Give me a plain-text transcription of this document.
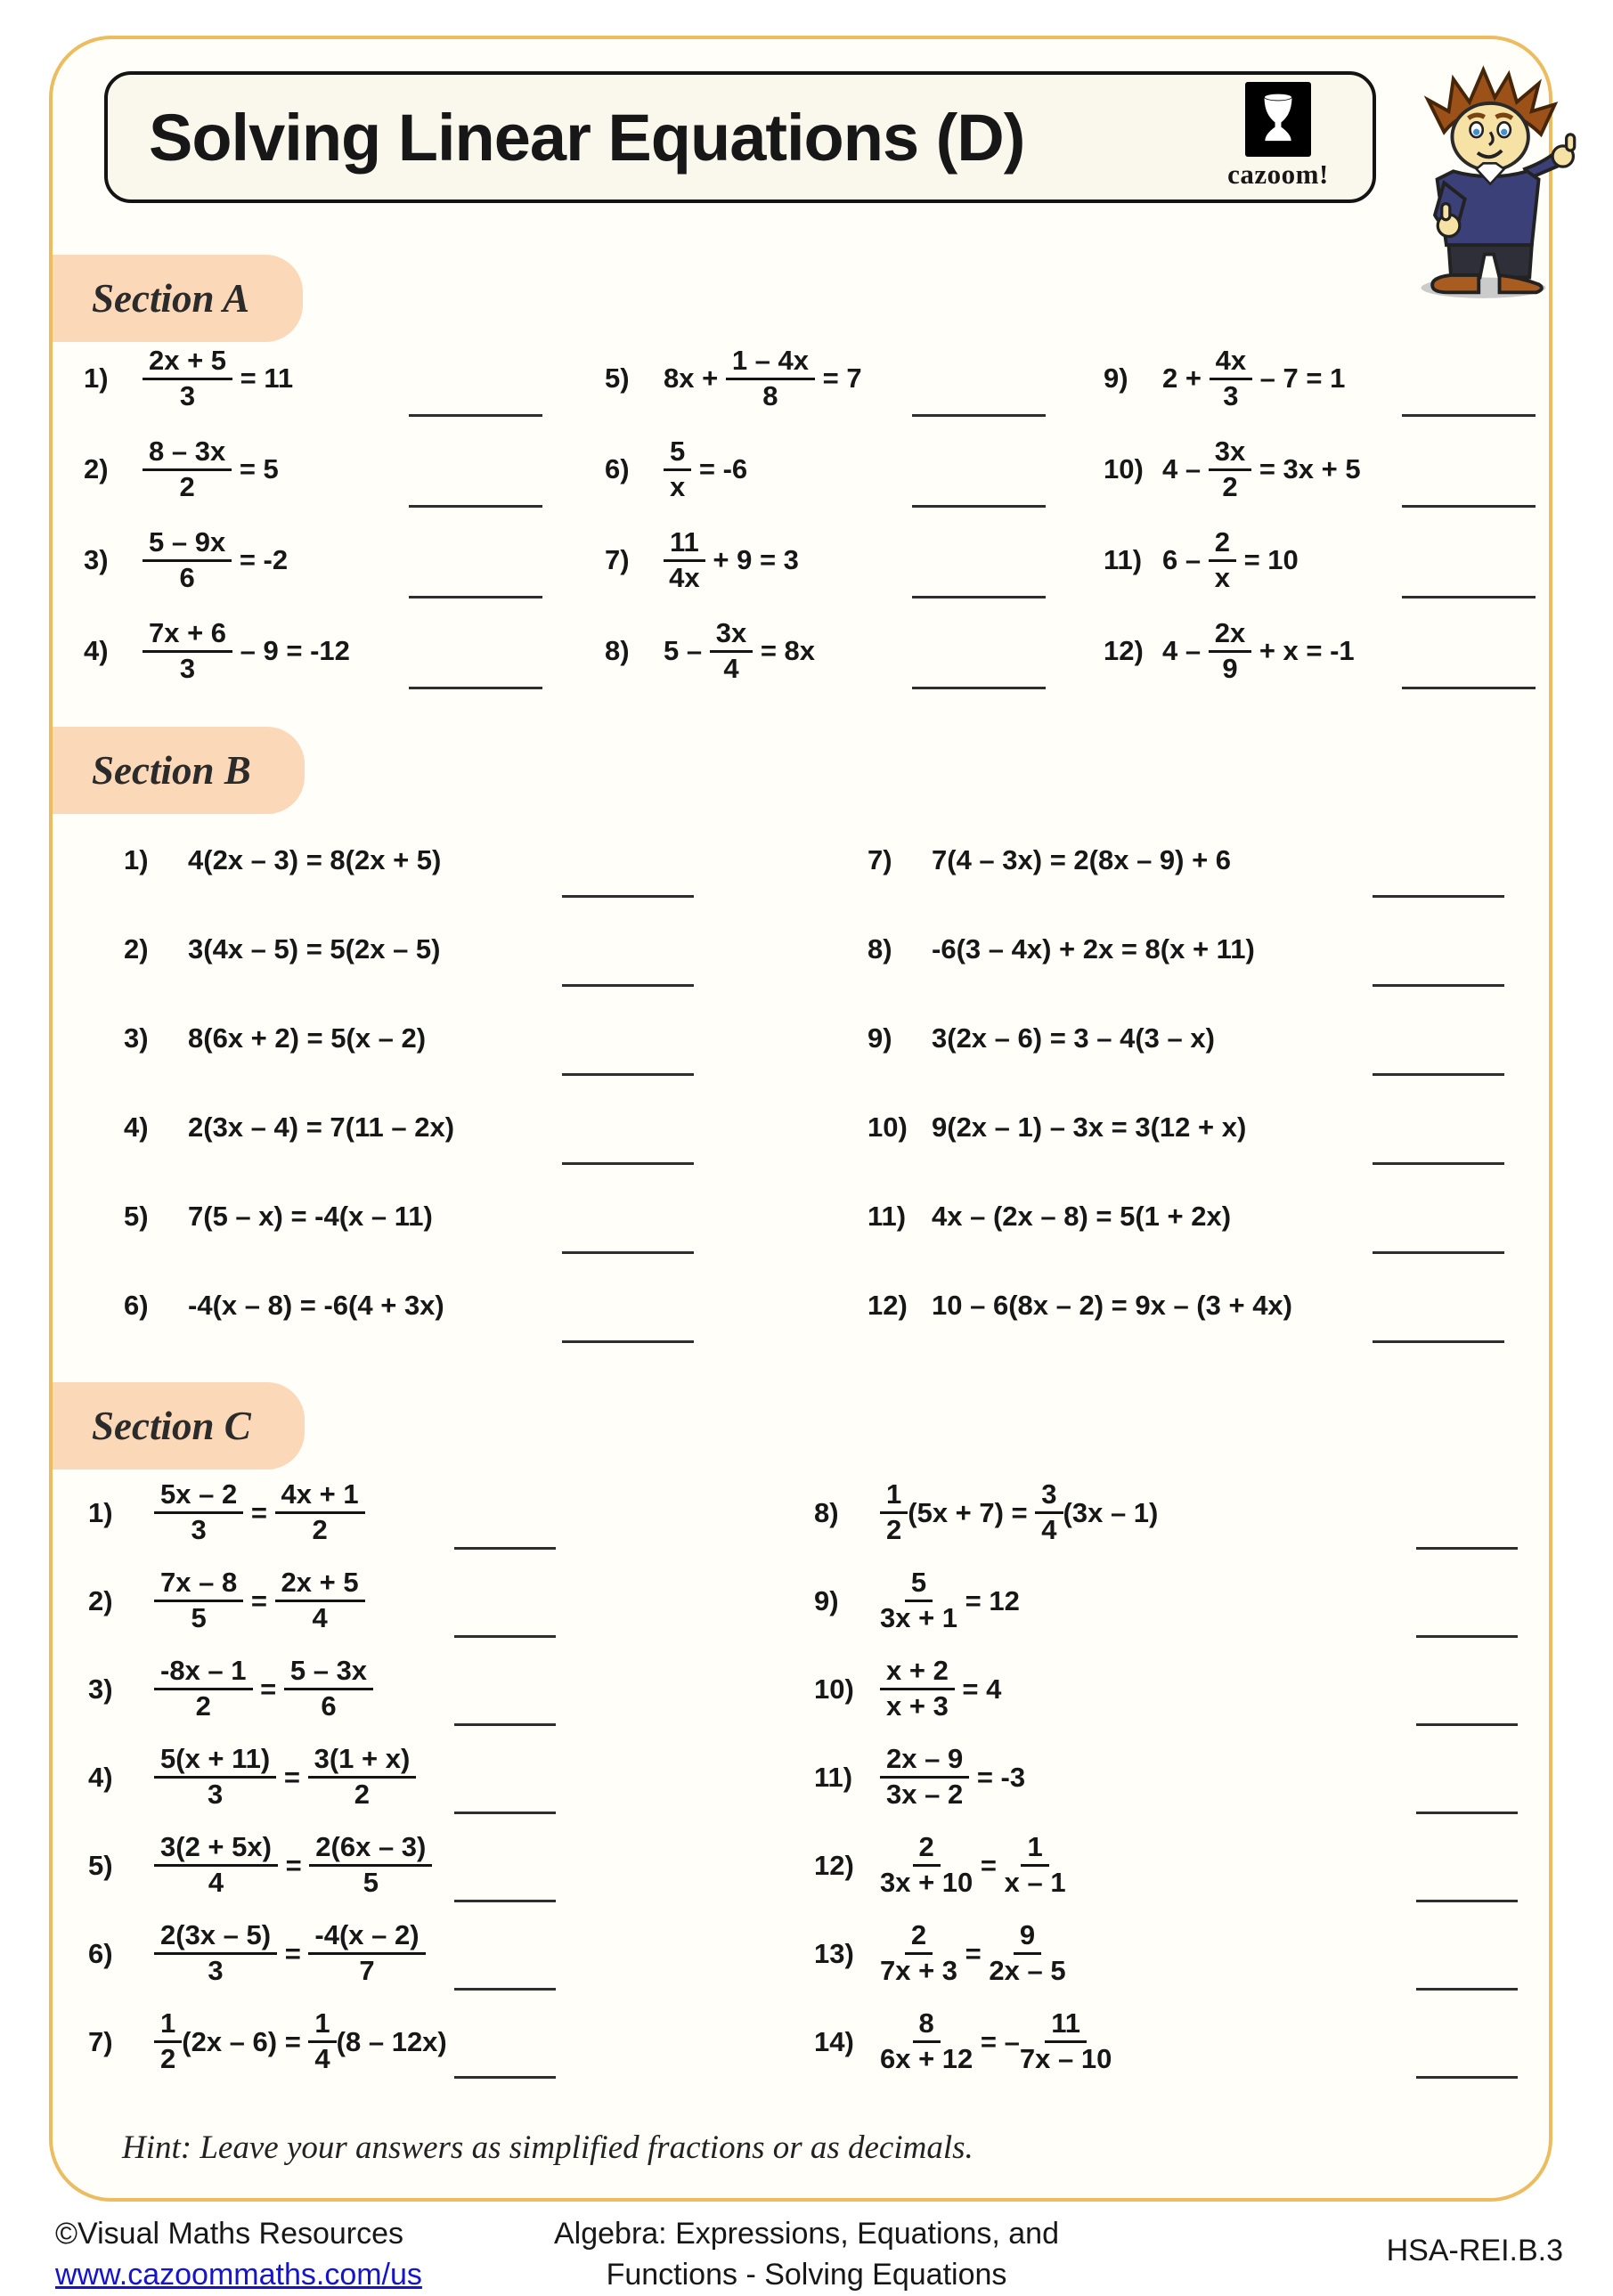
Solving Linear Equations (D)	cazoom!
Section A
1)	$\frac{2x + 5}{3} = 11$
2)	$\frac{8 - 3x}{2} = 5$
3)	$\frac{5 - 9x}{6} = -2$
4)	$\frac{7x + 6}{3} - 9 = -12$
5)	$8x + \frac{1 - 4x}{8} = 7$
6)	$\frac{5}{x} = -6$
7)	$\frac{11}{4x} + 9 = 3$
8)	$5 - \frac{3x}{4} = 8x$
9)	$2 + \frac{4x}{3} - 7 = 1$
10) $4 - \frac{3x}{2} = 3x + 5$
11) $6 - \frac{2}{x} = 10$
12) $4 - \frac{2x}{9} + x = -1$
Section B
1)	4(2x – 3) = 8(2x + 5)
2)	3(4x – 5) = 5(2x – 5)
3)	8(6x + 2) = 5(x – 2)
4)	2(3x – 4) = 7(11 – 2x)
5)	7(5 – x) = -4(x – 11)
6)	-4(x – 8) = -6(4 + 3x)
7)	7(4 – 3x) = 2(8x – 9) + 6
8)	-6(3 – 4x) + 2x = 8(x + 11)
9)	3(2x – 6) = 3 – 4(3 – x)
10) 9(2x – 1) – 3x = 3(12 + x)
11) 4x – (2x – 8) = 5(1 + 2x)
12) 10 – 6(8x – 2) = 9x – (3 + 4x)
Section C
1)	$\frac{5x - 2}{3} = \frac{4x + 1}{2}$
2)	$\frac{7x - 8}{5} = \frac{2x + 5}{4}$
3)	$\frac{-8x - 1}{2} = \frac{5 - 3x}{6}$
4)	$\frac{5(x + 11)}{3} = \frac{3(1 + x)}{2}$
5)	$\frac{3(2 + 5x)}{4} = \frac{2(6x - 3)}{5}$
6)	$\frac{2(3x - 5)}{3} = \frac{-4(x - 2)}{7}$
7)	$\frac{1}{2} (2x - 6) = \frac{1}{4} (8 - 12x)$
8)	$\frac{1}{2} (5x + 7) = \frac{3}{4} (3x - 1)$
9)	$\frac{5}{3x + 1} = 12$
$10) \frac{x + 2}{x + 3} = 4$
$11) \frac{2x - 9}{3x - 2} = -3$
$12) \frac{2}{3x + 10} = \frac{1}{x - 1}$
$13) \frac{2}{7x + 3} = \frac{9}{2x - 5}$
$14) \frac{8}{6x + 12}$ = – $\frac{11}{7x - 10}$
Hint: Leave your answers as simplified fractions or as decimals.
©Visual Maths Resources
www.cazoommaths.com/us
Algebra: Expressions, Equations, and
Functions - Solving Equations
HSA-REI.B.3
